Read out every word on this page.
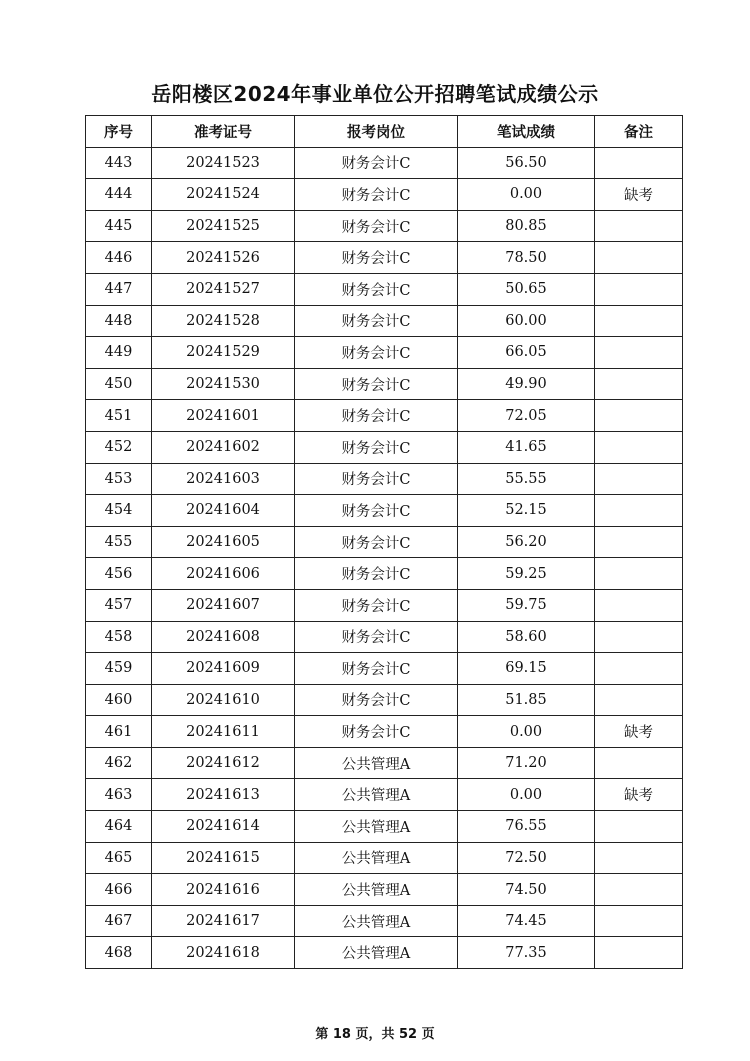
岳阳楼区2024年事业单位公开招聘笔试成绩公示
序号	准考证号	报考岗位	笔试成绩	备注
443	20241523	财务会计C	56.50	
444	20241524	财务会计C	0.00	缺考
445	20241525	财务会计C	80.85	
446	20241526	财务会计C	78.50	
447	20241527	财务会计C	50.65	
448	20241528	财务会计C	60.00	
449	20241529	财务会计C	66.05	
450	20241530	财务会计C	49.90	
451	20241601	财务会计C	72.05	
452	20241602	财务会计C	41.65	
453	20241603	财务会计C	55.55	
454	20241604	财务会计C	52.15	
455	20241605	财务会计C	56.20	
456	20241606	财务会计C	59.25	
457	20241607	财务会计C	59.75	
458	20241608	财务会计C	58.60	
459	20241609	财务会计C	69.15	
460	20241610	财务会计C	51.85	
461	20241611	财务会计C	0.00	缺考
462	20241612	公共管理A	71.20	
463	20241613	公共管理A	0.00	缺考
464	20241614	公共管理A	76.55	
465	20241615	公共管理A	72.50	
466	20241616	公共管理A	74.50	
467	20241617	公共管理A	74.45	
468	20241618	公共管理A	77.35	
第 18 页，共 52 页
